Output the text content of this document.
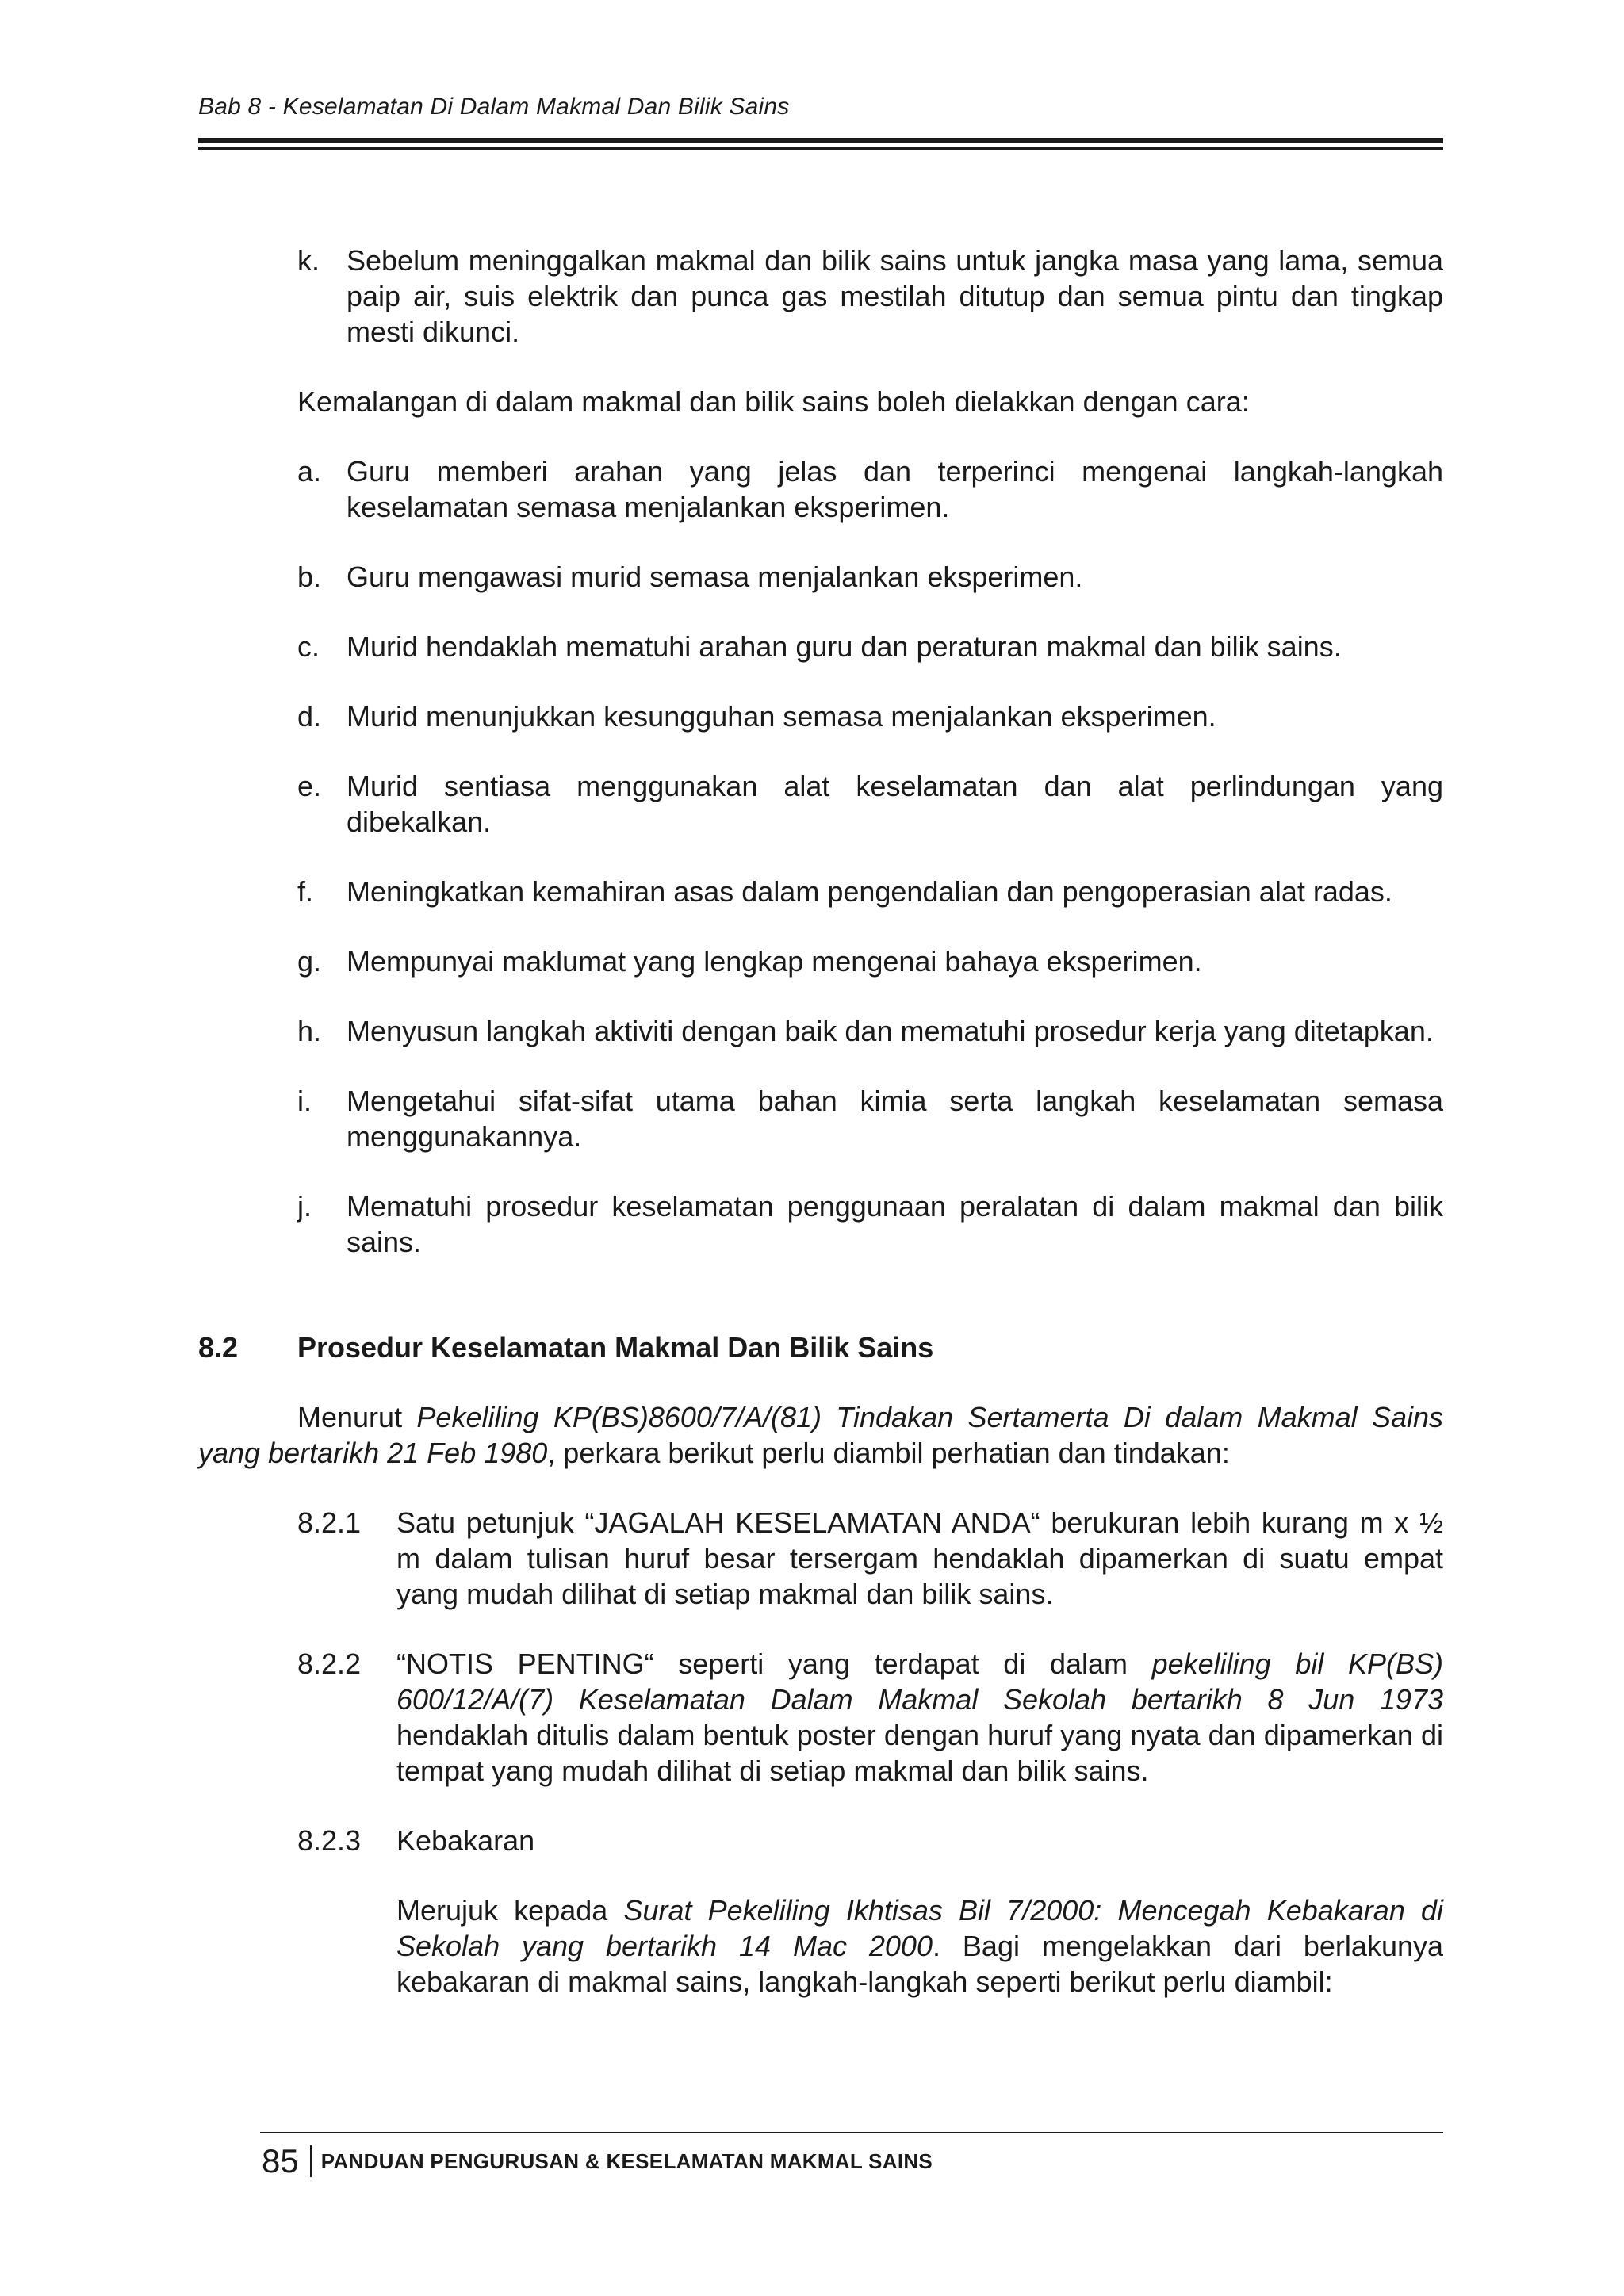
Bab 8 - Keselamatan Di Dalam Makmal Dan Bilik Sains
k. Sebelum meninggalkan makmal dan bilik sains untuk jangka masa yang lama, semua paip air, suis elektrik dan punca gas mestilah ditutup dan semua pintu dan tingkap mesti dikunci.

Kemalangan di dalam makmal dan bilik sains boleh dielakkan dengan cara:

a. Guru memberi arahan yang jelas dan terperinci mengenai langkah-langkah keselamatan semasa menjalankan eksperimen.

b. Guru mengawasi murid semasa menjalankan eksperimen.

c. Murid hendaklah mematuhi arahan guru dan peraturan makmal dan bilik sains.

d. Murid menunjukkan kesungguhan semasa menjalankan eksperimen.

e. Murid sentiasa menggunakan alat keselamatan dan alat perlindungan yang dibekalkan.

f. Meningkatkan kemahiran asas dalam pengendalian dan pengoperasian alat radas.

g. Mempunyai maklumat yang lengkap mengenai bahaya eksperimen.

h. Menyusun langkah aktiviti dengan baik dan mematuhi prosedur kerja yang ditetapkan.

i. Mengetahui sifat-sifat utama bahan kimia serta langkah keselamatan semasa menggunakannya.

j. Mematuhi prosedur keselamatan penggunaan peralatan di dalam makmal dan bilik sains.

8.2 Prosedur Keselamatan Makmal Dan Bilik Sains

Menurut Pekeliling KP(BS)8600/7/A/(81) Tindakan Sertamerta Di dalam Makmal Sains yang bertarikh 21 Feb 1980, perkara berikut perlu diambil perhatian dan tindakan:

8.2.1 Satu petunjuk “JAGALAH KESELAMATAN ANDA“ berukuran lebih kurang m x ½ m dalam tulisan huruf besar tersergam hendaklah dipamerkan di suatu empat yang mudah dilihat di setiap makmal dan bilik sains.

8.2.2 “NOTIS PENTING“ seperti yang terdapat di dalam pekeliling bil KP(BS) 600/12/A/(7) Keselamatan Dalam Makmal Sekolah bertarikh 8 Jun 1973 hendaklah ditulis dalam bentuk poster dengan huruf yang nyata dan dipamerkan di tempat yang mudah dilihat di setiap makmal dan bilik sains.

8.2.3 Kebakaran

Merujuk kepada Surat Pekeliling Ikhtisas Bil 7/2000: Mencegah Kebakaran di Sekolah yang bertarikh 14 Mac 2000. Bagi mengelakkan dari berlakunya kebakaran di makmal sains, langkah-langkah seperti berikut perlu diambil:

85 PANDUAN PENGURUSAN & KESELAMATAN MAKMAL SAINS
